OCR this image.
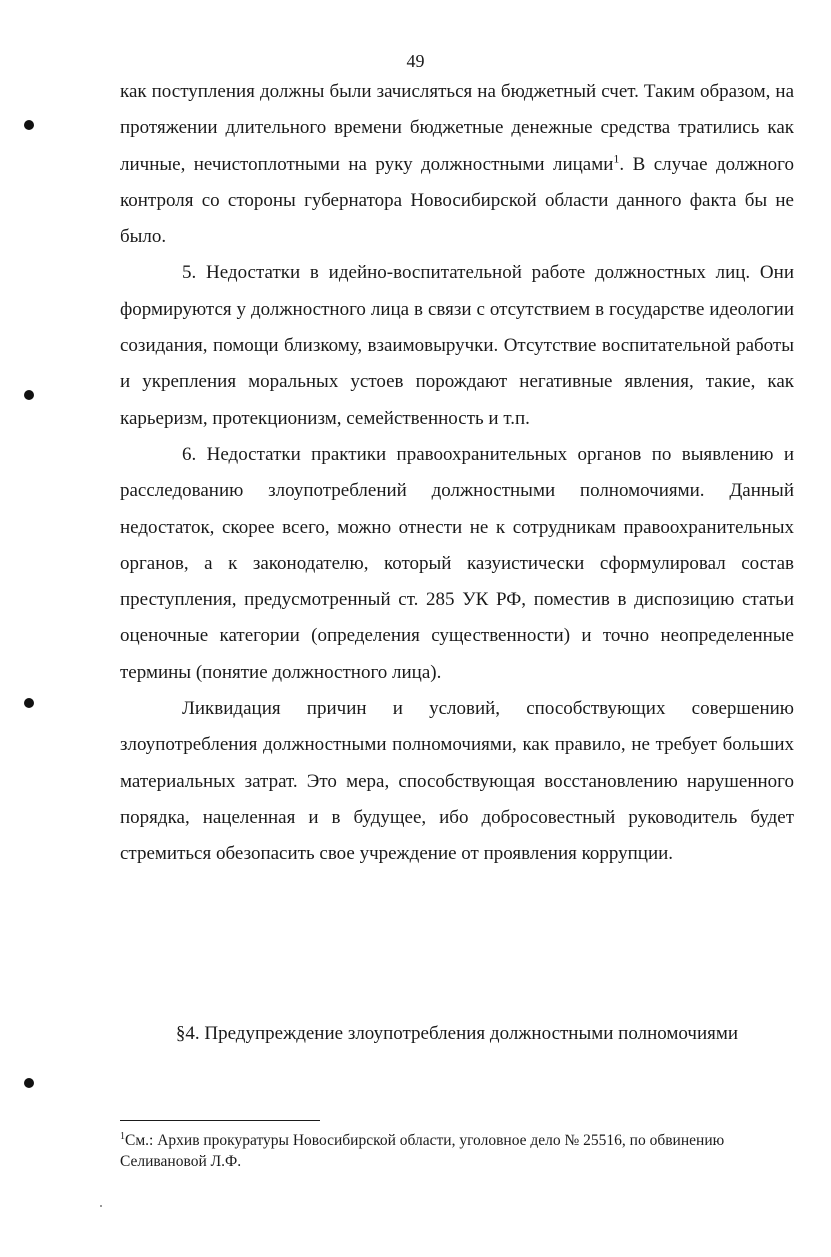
49

как поступления должны были зачисляться на бюджетный счет. Таким образом, на протяжении длительного времени бюджетные денежные средства тратились как личные, нечистоплотными на руку должностными лицами$^1$. В случае должного контроля со стороны губернатора Новосибирской области данного факта бы не было.

5. Недостатки в идейно-воспитательной работе должностных лиц. Они формируются у должностного лица в связи с отсутствием в государстве идеологии созидания, помощи близкому, взаимовыручки. Отсутствие воспитательной работы и укрепления моральных устоев порождают негативные явления, такие, как карьеризм, протекционизм, семейственность и т.п.

6. Недостатки практики правоохранительных органов по выявлению и расследованию злоупотреблений должностными полномочиями. Данный недостаток, скорее всего, можно отнести не к сотрудникам правоохранительных органов, а к законодателю, который казуистически сформулировал состав преступления, предусмотренный ст. 285 УК РФ, поместив в диспозицию статьи оценочные категории (определения существенности) и точно неопределенные термины (понятие должностного лица).

Ликвидация причин и условий, способствующих совершению злоупотребления должностными полномочиями, как правило, не требует больших материальных затрат. Это мера, способствующая восстановлению нарушенного порядка, нацеленная и в будущее, ибо добросовестный руководитель будет стремиться обезопасить свое учреждение от проявления коррупции.

§4. Предупреждение злоупотребления должностными полномочиями
$^1$См.: Архив прокуратуры Новосибирской области, уголовное дело № 25516, по обвинению Селивановой Л.Ф.
